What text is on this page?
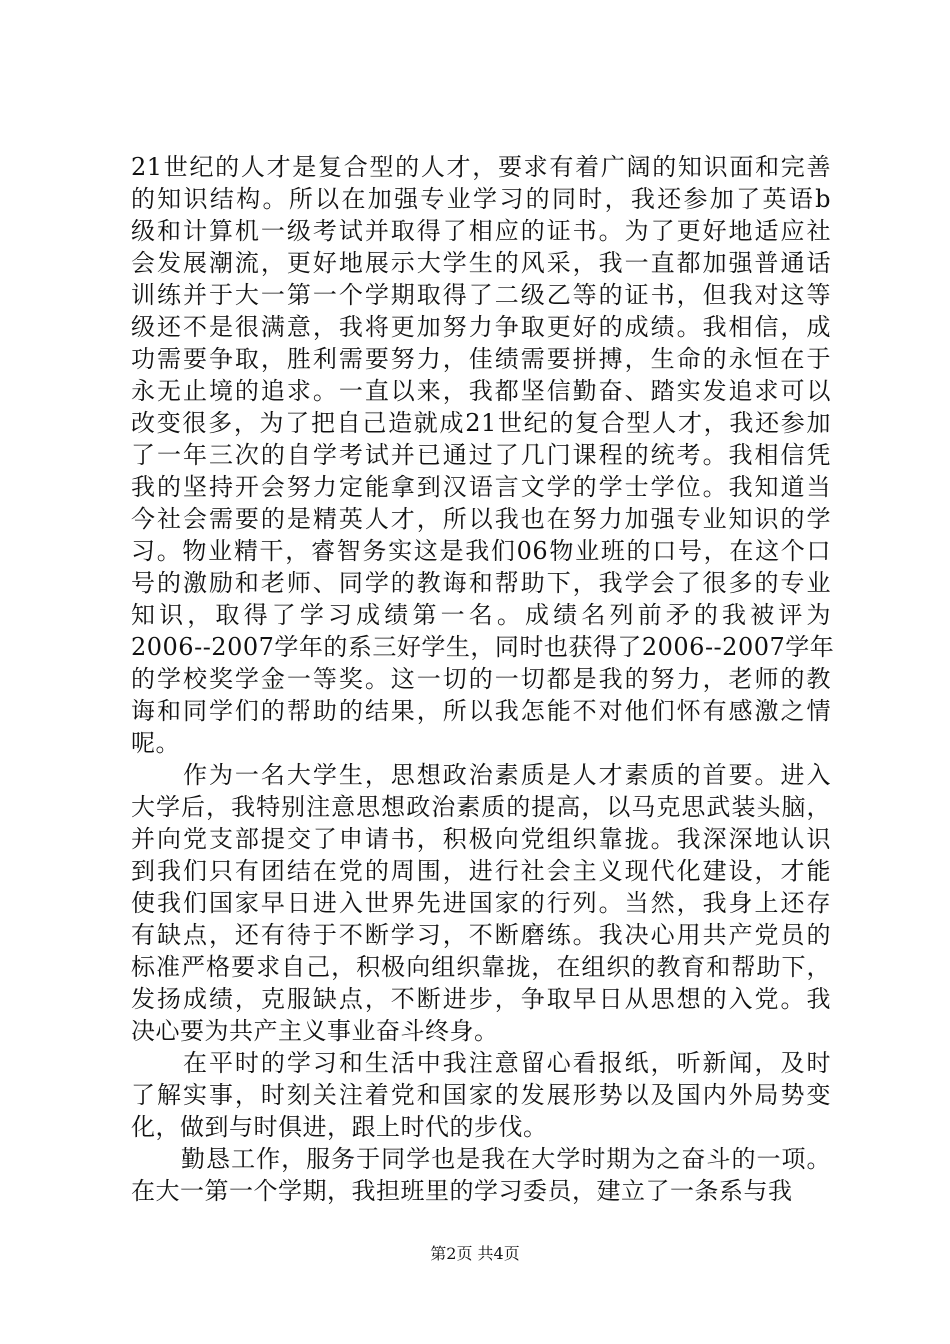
21世纪的人才是复合型的人才，要求有着广阔的知识面和完善
的知识结构。所以在加强专业学习的同时，我还参加了英语b
级和计算机一级考试并取得了相应的证书。为了更好地适应社
会发展潮流，更好地展示大学生的风采，我一直都加强普通话
训练并于大一第一个学期取得了二级乙等的证书，但我对这等
级还不是很满意，我将更加努力争取更好的成绩。我相信，成
功需要争取，胜利需要努力，佳绩需要拼搏，生命的永恒在于
永无止境的追求。一直以来，我都坚信勤奋、踏实发追求可以
改变很多，为了把自己造就成21世纪的复合型人才，我还参加
了一年三次的自学考试并已通过了几门课程的统考。我相信凭
我的坚持开会努力定能拿到汉语言文学的学士学位。我知道当
今社会需要的是精英人才，所以我也在努力加强专业知识的学
习。物业精干，睿智务实这是我们06物业班的口号，在这个口
号的激励和老师、同学的教诲和帮助下，我学会了很多的专业
知识，取得了学习成绩第一名。成绩名列前矛的我被评为
2006--2007学年的系三好学生，同时也获得了2006--2007学年
的学校奖学金一等奖。这一切的一切都是我的努力，老师的教
诲和同学们的帮助的结果，所以我怎能不对他们怀有感激之情
呢。
　　作为一名大学生，思想政治素质是人才素质的首要。进入
大学后，我特别注意思想政治素质的提高，以马克思武装头脑，
并向党支部提交了申请书，积极向党组织靠拢。我深深地认识
到我们只有团结在党的周围，进行社会主义现代化建设，才能
使我们国家早日进入世界先进国家的行列。当然，我身上还存
有缺点，还有待于不断学习，不断磨练。我决心用共产党员的
标准严格要求自己，积极向组织靠拢，在组织的教育和帮助下，
发扬成绩，克服缺点，不断进步，争取早日从思想的入党。我
决心要为共产主义事业奋斗终身。
　　在平时的学习和生活中我注意留心看报纸，听新闻，及时
了解实事，时刻关注着党和国家的发展形势以及国内外局势变
化，做到与时俱进，跟上时代的步伐。
　　勤恳工作，服务于同学也是我在大学时期为之奋斗的一项。
在大一第一个学期，我担班里的学习委员，建立了一条系与我
第2页 共4页
